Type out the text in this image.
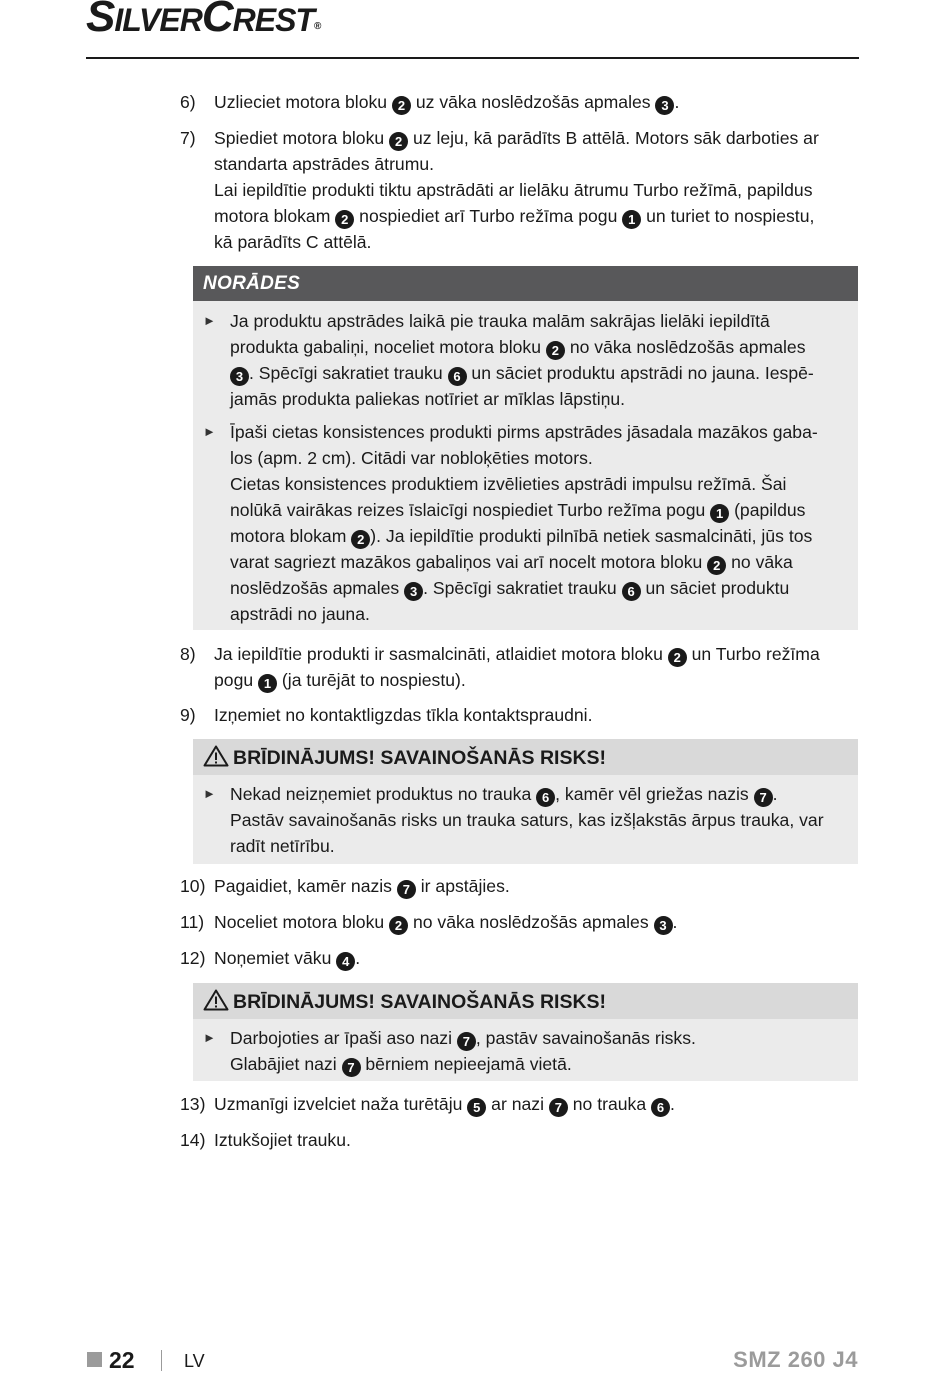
SILVERCREST®
6) Uzlieciet motora bloku 2 uz vāka noslēdzošās apmales 3 .
7) Spiediet motora bloku 2 uz leju, kā parādīts B attēlā. Motors sāk darboties ar
standarta apstrādes ātrumu.
Lai iepildītie produkti tiktu apstrādāti ar lielāku ātrumu Turbo režīmā, papildus
motora blokam 2 nospiediet arī Turbo režīma pogu 1 un turiet to nospiestu,
kā parādīts C attēlā.
NORĀDES
► Ja produktu apstrādes laikā pie trauka malām sakrājas lielāki iepildītā
produkta gabaliņi, noceliet motora bloku 2 no vāka noslēdzošās apmales
3 . Spēcīgi sakratiet trauku 6 un sāciet produktu apstrādi no jauna. Iespē-
jamās produkta paliekas notīriet ar mīklas lāpstiņu.
► Īpaši cietas konsistences produkti pirms apstrādes jāsadala mazākos gaba-
los (apm. 2 cm). Citādi var nobloķēties motors.
Cietas konsistences produktiem izvēlieties apstrādi impulsu režīmā. Šai
nolūkā vairākas reizes īslaicīgi nospiediet Turbo režīma pogu 1 (papildus
motora blokam 2 ). Ja iepildītie produkti pilnībā netiek sasmalcināti, jūs tos
varat sagriezt mazākos gabaliņos vai arī nocelt motora bloku 2 no vāka
noslēdzošās apmales 3 . Spēcīgi sakratiet trauku 6 un sāciet produktu
apstrādi no jauna.
8) Ja iepildītie produkti ir sasmalcināti, atlaidiet motora bloku 2 un Turbo režīma
pogu 1 (ja turējāt to nospiestu).
9) Izņemiet no kontaktligzdas tīkla kontaktspraudni.
BRĪDINĀJUMS! SAVAINOŠANĀS RISKS!
► Nekad neizņemiet produktus no trauka 6 , kamēr vēl griežas nazis 7 .
Pastāv savainošanās risks un trauka saturs, kas izšļakstās ārpus trauka, var
radīt netīrību.
10) Pagaidiet, kamēr nazis 7 ir apstājies.
11) Noceliet motora bloku 2 no vāka noslēdzošās apmales 3 .
12) Noņemiet vāku 4 .
BRĪDINĀJUMS! SAVAINOŠANĀS RISKS!
► Darbojoties ar īpaši aso nazi 7 , pastāv savainošanās risks.
Glabājiet nazi 7 bērniem nepieejamā vietā.
13) Uzmanīgi izvelciet naža turētāju 5 ar nazi 7 no trauka 6 .
14) Iztukšojiet trauku.
22	LV	SMZ 260 J4
